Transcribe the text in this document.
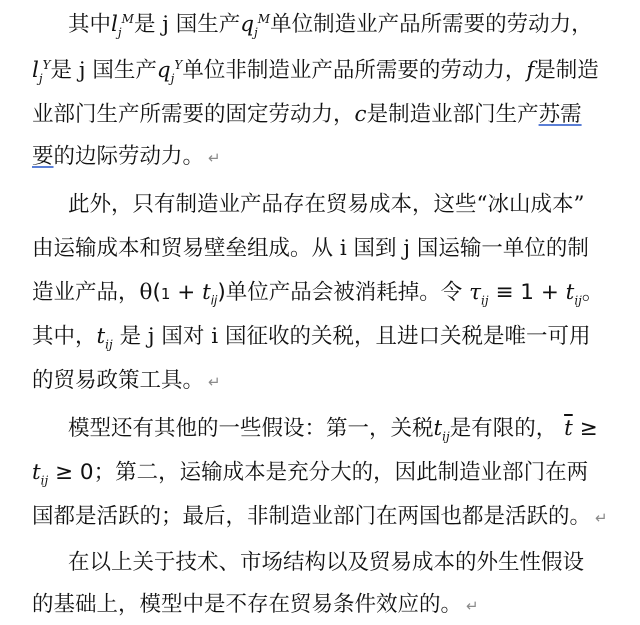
其中$l_j^M$是 j 国生产$q_j^M$单位制造业产品所需要的劳动力，
$l_j^Y$是 j 国生产$q_j^Y$单位非制造业产品所需要的劳动力，f是制造
业部门生产所需要的固定劳动力，c是制造业部门生产苏需
要的边际劳动力。 ↵
此外，只有制造业产品存在贸易成本，这些“冰山成本”
由运输成本和贸易壁垒组成。从 i 国到 j 国运输一单位的制
造业产品，$\theta(1 + t_{ij})$单位产品会被消耗掉。令 $\tau_{ij} \equiv 1 + t_{ij}$。
其中，$t_{ij}$ 是 j 国对 i 国征收的关税，且进口关税是唯一可用
的贸易政策工具。 ↵
模型还有其他的一些假设：第一，关税$t_{ij}$是有限的， $\overline{t}$ ≥
$t_{ij} \ge 0$；第二，运输成本是充分大的，因此制造业部门在两
国都是活跃的；最后，非制造业部门在两国也都是活跃的。 ↵
在以上关于技术、市场结构以及贸易成本的外生性假设
的基础上，模型中是不存在贸易条件效应的。 ↵
